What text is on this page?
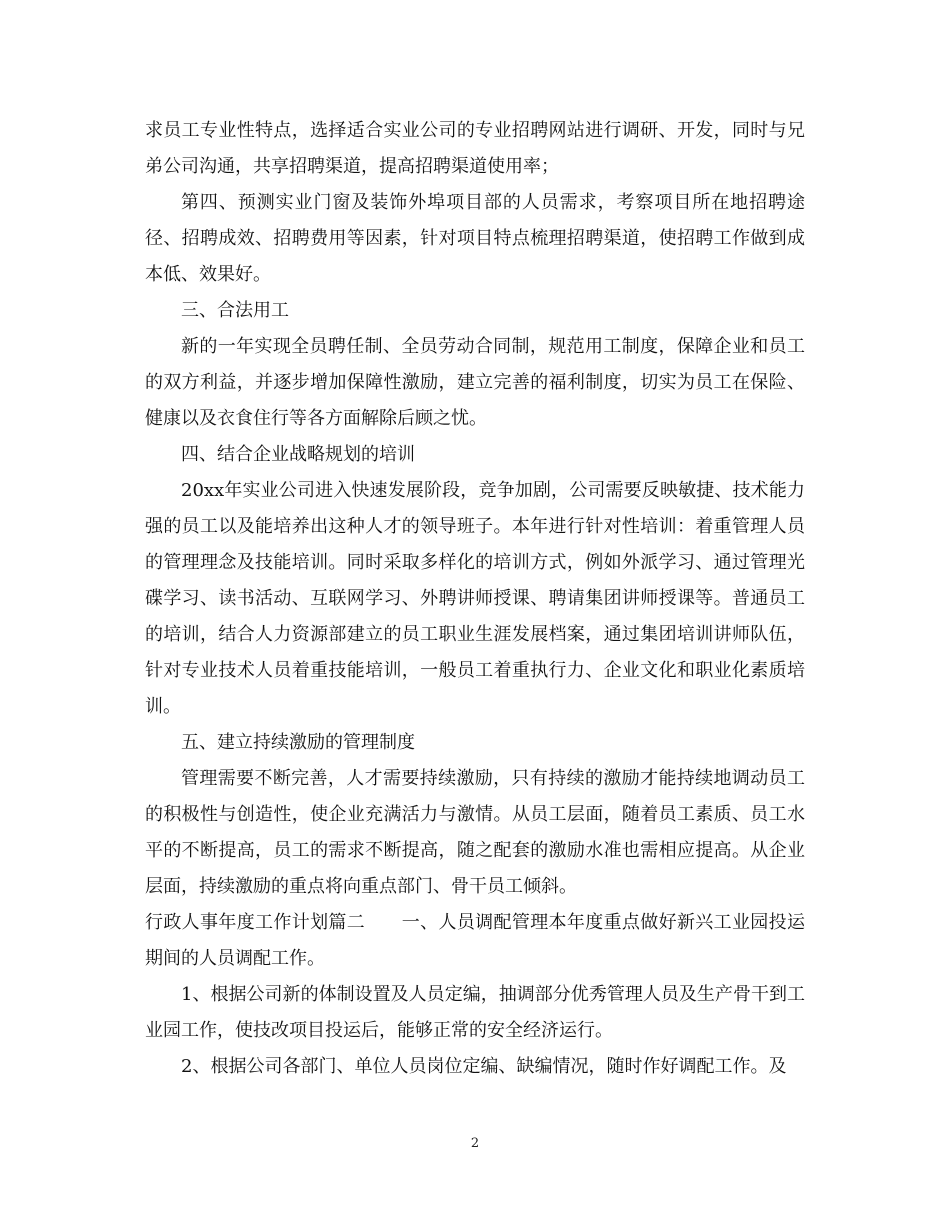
求员工专业性特点，选择适合实业公司的专业招聘网站进行调研、开发，同时与兄弟公司沟通，共享招聘渠道，提高招聘渠道使用率；

第四、预测实业门窗及装饰外埠项目部的人员需求，考察项目所在地招聘途径、招聘成效、招聘费用等因素，针对项目特点梳理招聘渠道，使招聘工作做到成本低、效果好。

三、合法用工

新的一年实现全员聘任制、全员劳动合同制，规范用工制度，保障企业和员工的双方利益，并逐步增加保障性激励，建立完善的福利制度，切实为员工在保险、健康以及衣食住行等各方面解除后顾之忧。

四、结合企业战略规划的培训

20xx年实业公司进入快速发展阶段，竞争加剧，公司需要反映敏捷、技术能力强的员工以及能培养出这种人才的领导班子。本年进行针对性培训：着重管理人员的管理理念及技能培训。同时采取多样化的培训方式，例如外派学习、通过管理光碟学习、读书活动、互联网学习、外聘讲师授课、聘请集团讲师授课等。普通员工的培训，结合人力资源部建立的员工职业生涯发展档案，通过集团培训讲师队伍，针对专业技术人员着重技能培训，一般员工着重执行力、企业文化和职业化素质培训。

五、建立持续激励的管理制度

管理需要不断完善，人才需要持续激励，只有持续的激励才能持续地调动员工的积极性与创造性，使企业充满活力与激情。从员工层面，随着员工素质、员工水平的不断提高，员工的需求不断提高，随之配套的激励水准也需相应提高。从企业层面，持续激励的重点将向重点部门、骨干员工倾斜。

行政人事年度工作计划篇二　　一、人员调配管理本年度重点做好新兴工业园投运期间的人员调配工作。

1、根据公司新的体制设置及人员定编，抽调部分优秀管理人员及生产骨干到工业园工作，使技改项目投运后，能够正常的安全经济运行。

2、根据公司各部门、单位人员岗位定编、缺编情况，随时作好调配工作。及

2
